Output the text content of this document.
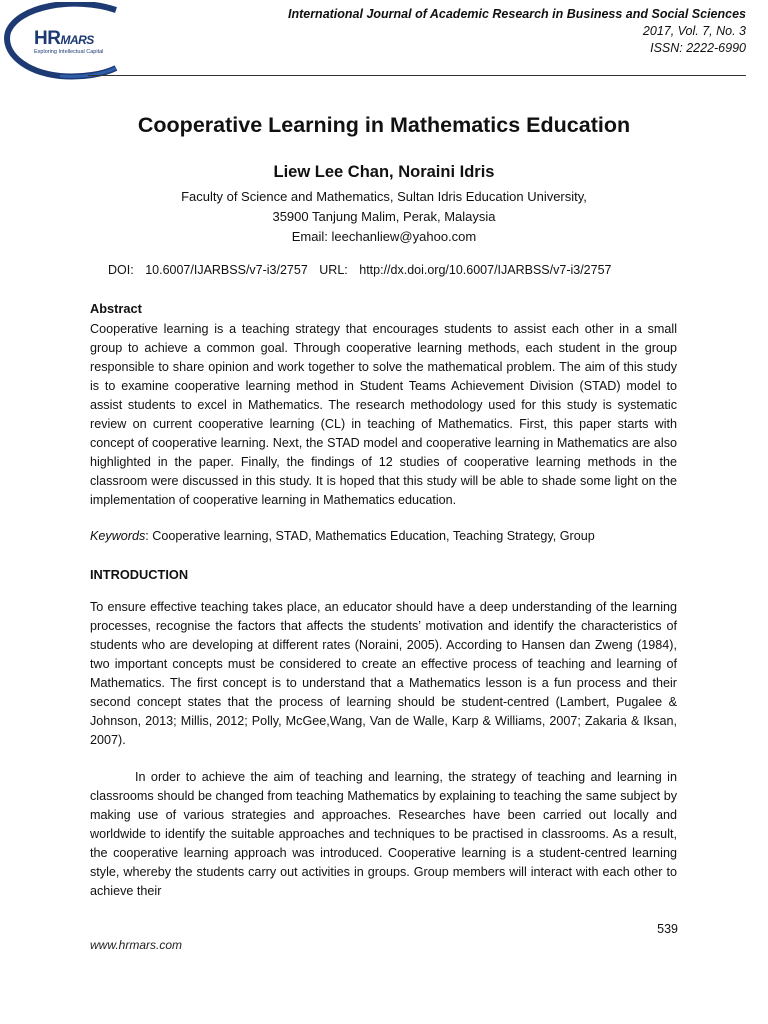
HRMARS
Exploring Intellectual Capital
International Journal of Academic Research in Business and Social Sciences
2017, Vol. 7, No. 3
ISSN: 2222-6990
Cooperative Learning in Mathematics Education
Liew Lee Chan, Noraini Idris
Faculty of Science and Mathematics, Sultan Idris Education University,
35900 Tanjung Malim, Perak, Malaysia
Email: leechanliew@yahoo.com
DOI: 10.6007/IJARBSS/v7-i3/2757 URL: http://dx.doi.org/10.6007/IJARBSS/v7-i3/2757
Abstract
Cooperative learning is a teaching strategy that encourages students to assist each other in a small group to achieve a common goal. Through cooperative learning methods, each student in the group responsible to share opinion and work together to solve the mathematical problem. The aim of this study is to examine cooperative learning method in Student Teams Achievement Division (STAD) model to assist students to excel in Mathematics. The research methodology used for this study is systematic review on current cooperative learning (CL) in teaching of Mathematics. First, this paper starts with concept of cooperative learning. Next, the STAD model and cooperative learning in Mathematics are also highlighted in the paper. Finally, the findings of 12 studies of cooperative learning methods in the classroom were discussed in this study. It is hoped that this study will be able to shade some light on the implementation of cooperative learning in Mathematics education.
Keywords: Cooperative learning, STAD, Mathematics Education, Teaching Strategy, Group
INTRODUCTION
To ensure effective teaching takes place, an educator should have a deep understanding of the learning processes, recognise the factors that affects the students’ motivation and identify the characteristics of students who are developing at different rates (Noraini, 2005). According to Hansen dan Zweng (1984), two important concepts must be considered to create an effective process of teaching and learning of Mathematics. The first concept is to understand that a Mathematics lesson is a fun process and their second concept states that the process of learning should be student-centred (Lambert, Pugalee & Johnson, 2013; Millis, 2012; Polly, McGee,Wang, Van de Walle, Karp & Williams, 2007; Zakaria & Iksan, 2007).
In order to achieve the aim of teaching and learning, the strategy of teaching and learning in classrooms should be changed from teaching Mathematics by explaining to teaching the same subject by making use of various strategies and approaches. Researches have been carried out locally and worldwide to identify the suitable approaches and techniques to be practised in classrooms. As a result, the cooperative learning approach was introduced. Cooperative learning is a student-centred learning style, whereby the students carry out activities in groups. Group members will interact with each other to achieve their
539
www.hrmars.com
